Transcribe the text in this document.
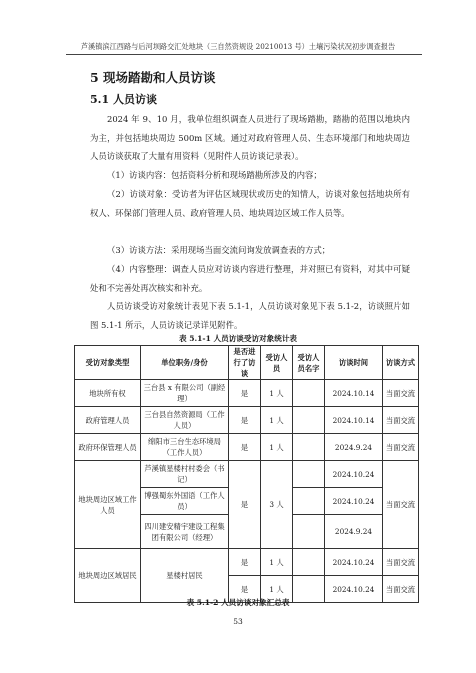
芦溪镇滨江西路与后河坝路交汇处地块（三自然资规设 20210013 号）土壤污染状况初步调查报告
5 现场踏勘和人员访谈
5.1 人员访谈

2024 年 9、10 月，我单位组织调查人员进行了现场踏勘，踏勘的范围以地块内为主，并包括地块周边 500m 区域。通过对政府管理人员、生态环境部门和地块周边人员访谈获取了大量有用资料（见附件人员访谈记录表）。

（1）访谈内容：包括资料分析和现场踏勘所涉及的内容；

（2）访谈对象：受访者为评估区域现状或历史的知情人，访谈对象包括地块所有权人、环保部门管理人员、政府管理人员、地块周边区域工作人员等。

（3）访谈方法：采用现场当面交流问询发放调查表的方式；

（4）内容整理：调查人员应对访谈内容进行整理，并对照已有资料，对其中可疑处和不完善处再次核实和补充。

人员访谈受访对象统计表见下表 5.1-1，人员访谈对象见下表 5.1-2，访谈照片如图 5.1-1 所示，人员访谈记录详见附件。

表 5.1-1 人员访谈受访对象统计表
受访对象类型	单位职务/身份	是否进行了访谈	受访人员	受访人员名字	访谈时间	访谈方式
地块所有权	三台县 x 有限公司（副经理）	是	1 人		2024.10.14	当面交流
政府管理人员	三台县自然资源局（工作人员）	是	1 人		2024.10.14	当面交流
政府环保管理人员	绵阳市三台生态环境局（工作人员）	是	1 人		2024.9.24	当面交流
地块周边区域工作人员	芦溪镇星楼村村委会（书记）	是	3 人		2024.10.24	当面交流
	博强蜀东外国语（工作人员）				2024.10.24	
	四川建安精宇建设工程集团有限公司（经理）				2024.9.24	
地块周边区域居民	星楼村居民	是	1 人		2024.10.24	当面交流
		是	1 人		2024.10.24	当面交流
表 5.1-2 人员访谈对象汇总表
53
